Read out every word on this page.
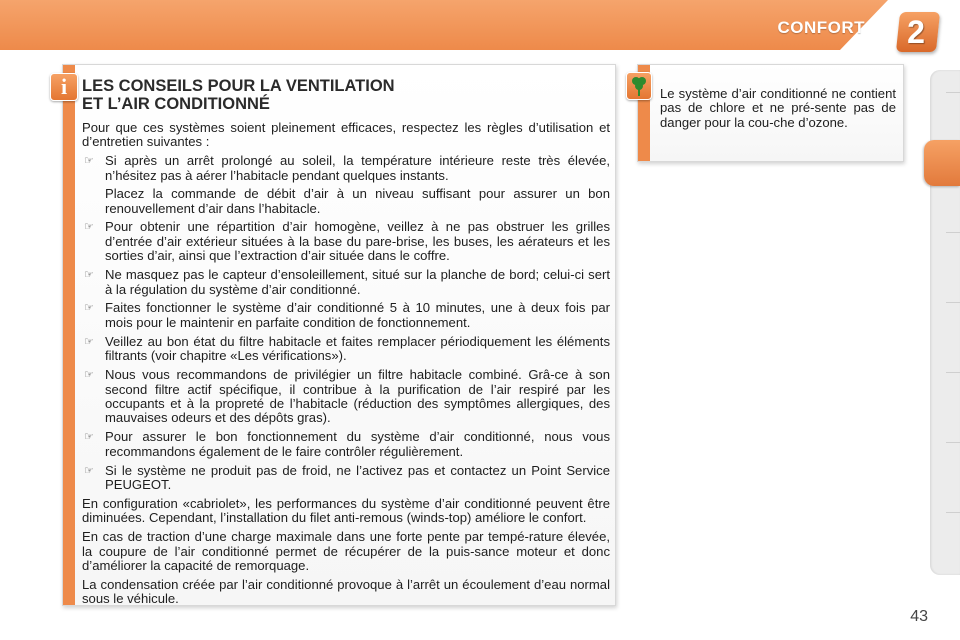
CONFORT 2
i LES CONSEILS POUR LA VENTILATION
ET L’AIR CONDITIONNÉ

Pour que ces systèmes soient pleinement efficaces, respectez les règles d’utilisation et d’entretien suivantes :

☞ Si après un arrêt prolongé au soleil, la température intérieure reste très élevée, n’hésitez pas à aérer l’habitacle pendant quelques instants.
Placez la commande de débit d’air à un niveau suffisant pour assurer un bon renouvellement d’air dans l’habitacle.
☞ Pour obtenir une répartition d’air homogène, veillez à ne pas obstruer les grilles d’entrée d’air extérieur situées à la base du pare-brise, les buses, les aérateurs et les sorties d’air, ainsi que l’extraction d’air située dans le coffre.
☞ Ne masquez pas le capteur d’ensoleillement, situé sur la planche de bord; celui-ci sert à la régulation du système d’air conditionné.
☞ Faites fonctionner le système d’air conditionné 5 à 10 minutes, une à deux fois par mois pour le maintenir en parfaite condition de fonctionnement.
☞ Veillez au bon état du filtre habitacle et faites remplacer périodiquement les éléments filtrants (voir chapitre «Les vérifications»).
☞ Nous vous recommandons de privilégier un filtre habitacle combiné. Grâ-ce à son second filtre actif spécifique, il contribue à la purification de l’air respiré par les occupants et à la propreté de l’habitacle (réduction des symptômes allergiques, des mauvaises odeurs et des dépôts gras).
☞ Pour assurer le bon fonctionnement du système d’air conditionné, nous vous recommandons également de le faire contrôler régulièrement.
☞ Si le système ne produit pas de froid, ne l’activez pas et contactez un Point Service PEUGEOT.

En configuration «cabriolet», les performances du système d’air conditionné peuvent être diminuées. Cependant, l’installation du filet anti-remous (winds-top) améliore le confort.

En cas de traction d’une charge maximale dans une forte pente par tempé-rature élevée, la coupure de l’air conditionné permet de récupérer de la puis-sance moteur et donc d’améliorer la capacité de remorquage.

La condensation créée par l’air conditionné provoque à l’arrêt un écoulement d’eau normal sous le véhicule.

Le système d’air conditionné ne contient pas de chlore et ne pré-sente pas de danger pour la cou-che d’ozone.
43
